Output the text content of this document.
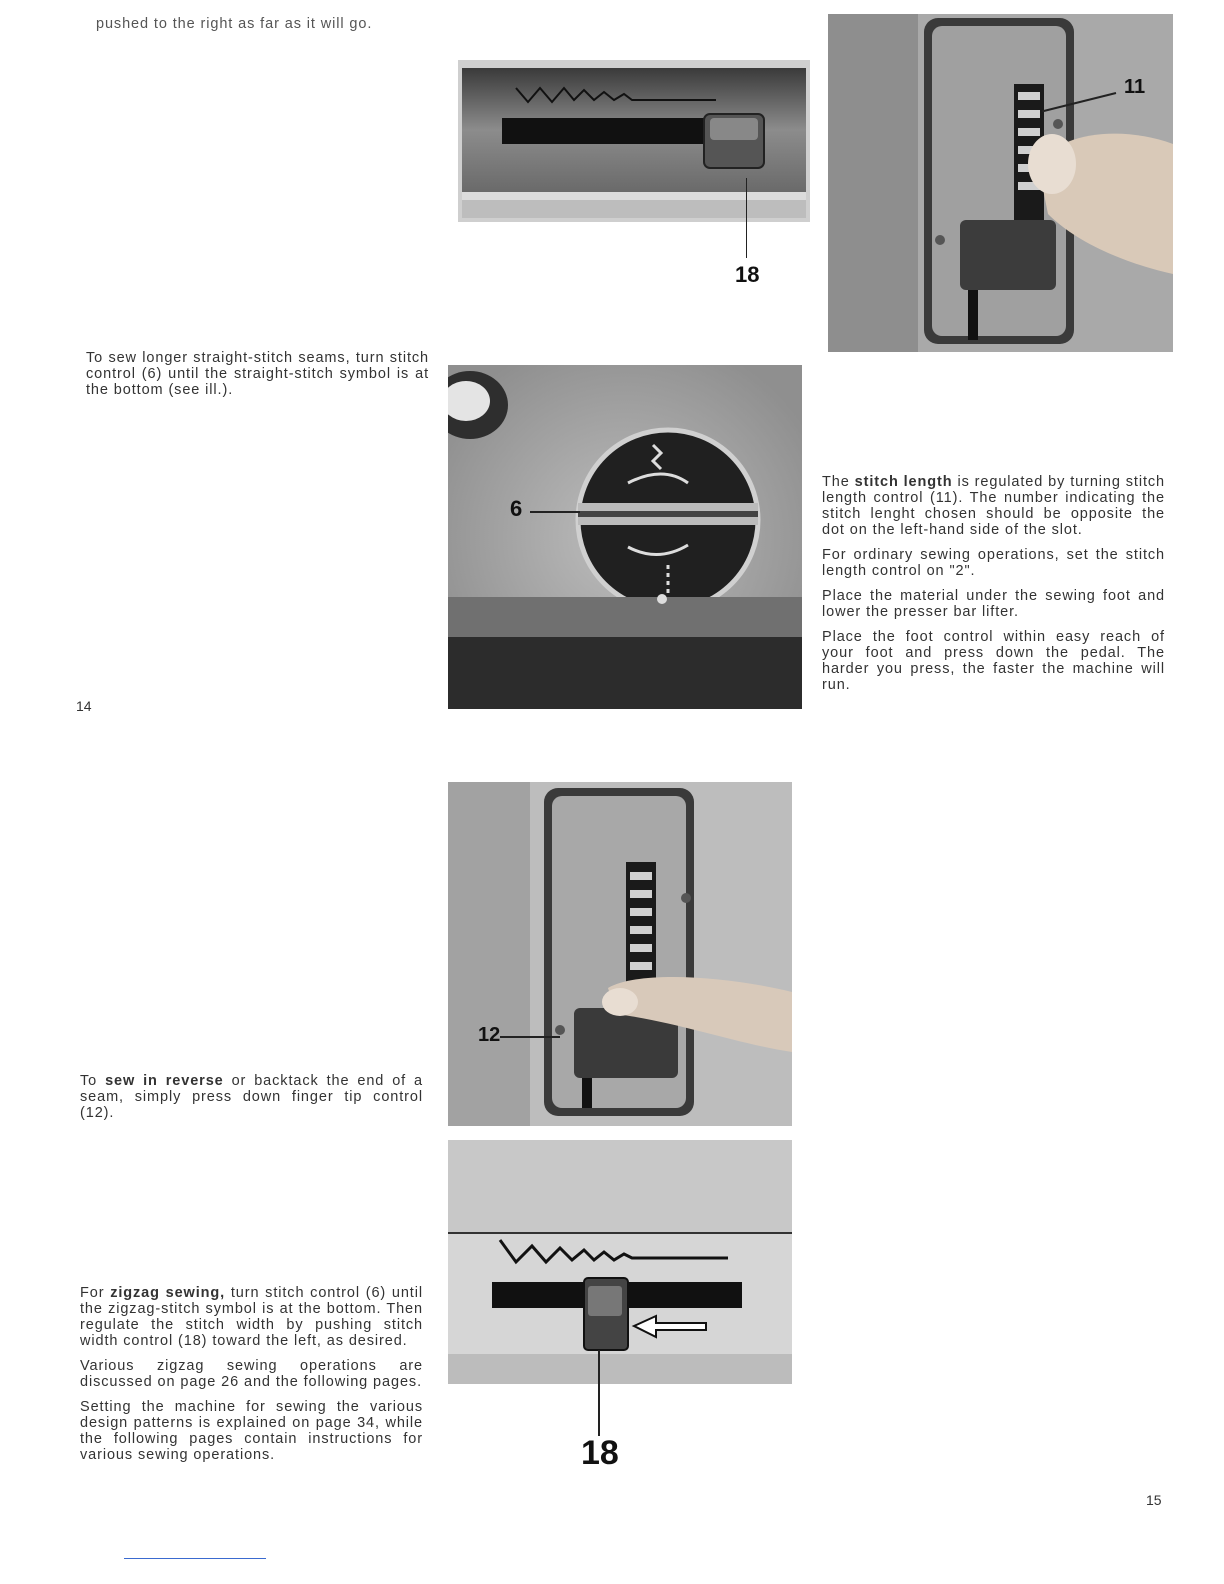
pushed to the right as far as it will go.

To sew longer straight-stitch seams, turn stitch control (6) until the straight-stitch symbol is at the bottom (see ill.).

14

To sew in reverse or backtack the end of a seam, simply press down finger tip control (12).

For zigzag sewing, turn stitch control (6) until the zigzag-stitch symbol is at the bottom. Then regulate the stitch width by pushing stitch width control (18) toward the left, as desired.

Various zigzag sewing operations are discussed on page 26 and the following pages.

Setting the machine for sewing the various design patterns is explained on page 34, while the following pages contain instructions for various sewing operations.

The stitch length is regulated by turning stitch length control (11). The number indicating the stitch lenght chosen should be opposite the dot on the left-hand side of the slot.

For ordinary sewing operations, set the stitch length control on "2".

Place the material under the sewing foot and lower the presser bar lifter.

Place the foot control within easy reach of your foot and press down the pedal. The harder you press, the faster the machine will run.

15
18
11
6
12
18
